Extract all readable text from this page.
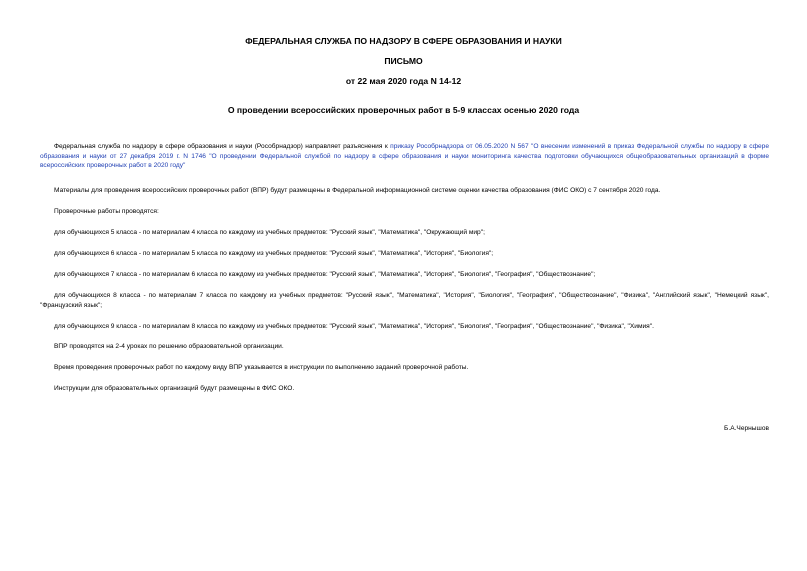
ФЕДЕРАЛЬНАЯ СЛУЖБА ПО НАДЗОРУ В СФЕРЕ ОБРАЗОВАНИЯ И НАУКИ
ПИСЬМО
от 22 мая 2020 года N 14-12
О проведении всероссийских проверочных работ в 5-9 классах осенью 2020 года
Федеральная служба по надзору в сфере образования и науки (Рособрнадзор) направляет разъяснения к приказу Рособрнадзора от 06.05.2020 N 567 "О внесении изменений в приказ Федеральной службы по надзору в сфере образования и науки от 27 декабря 2019 г. N 1746 "О проведении Федеральной службой по надзору в сфере образования и науки мониторинга качества подготовки обучающихся общеобразовательных организаций в форме всероссийских проверочных работ в 2020 году"
Материалы для проведения всероссийских проверочных работ (ВПР) будут размещены в Федеральной информационной системе оценки качества образования (ФИС ОКО) с 7 сентября 2020 года.
Проверочные работы проводятся:
для обучающихся 5 класса - по материалам 4 класса по каждому из учебных предметов: "Русский язык", "Математика", "Окружающий мир";
для обучающихся 6 класса - по материалам 5 класса по каждому из учебных предметов: "Русский язык", "Математика", "История", "Биология";
для обучающихся 7 класса - по материалам 6 класса по каждому из учебных предметов: "Русский язык", "Математика", "История", "Биология", "География", "Обществознание";
для обучающихся 8 класса - по материалам 7 класса по каждому из учебных предметов: "Русский язык", "Математика", "История", "Биология", "География", "Обществознание", "Физика", "Английский язык", "Немецкий язык", "Французский язык";
для обучающихся 9 класса - по материалам 8 класса по каждому из учебных предметов: "Русский язык", "Математика", "История", "Биология", "География", "Обществознание", "Физика", "Химия".
ВПР проводятся на 2-4 уроках по решению образовательной организации.
Время проведения проверочных работ по каждому виду ВПР указывается в инструкции по выполнению заданий проверочной работы.
Инструкции для образовательных организаций будут размещены в ФИС ОКО.
Б.А.Чернышов
